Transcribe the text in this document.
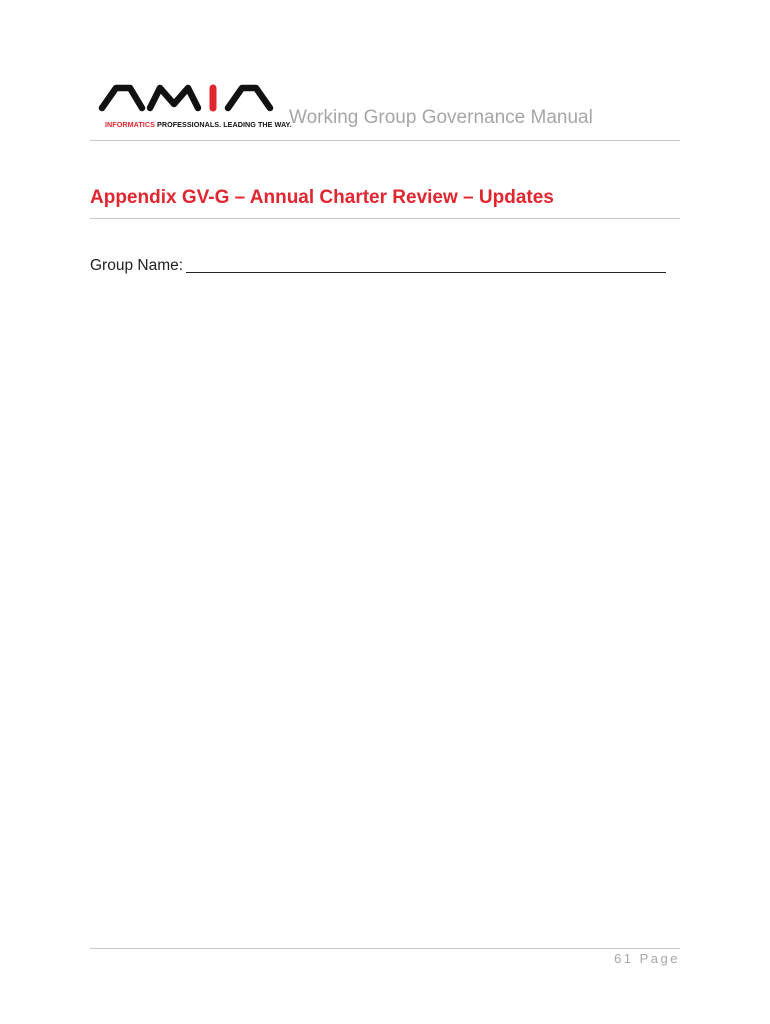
INFORMATICS PROFESSIONALS. LEADING THE WAY.
Working Group Governance Manual
Appendix GV-G – Annual Charter Review – Updates
Group Name:
61 Page
